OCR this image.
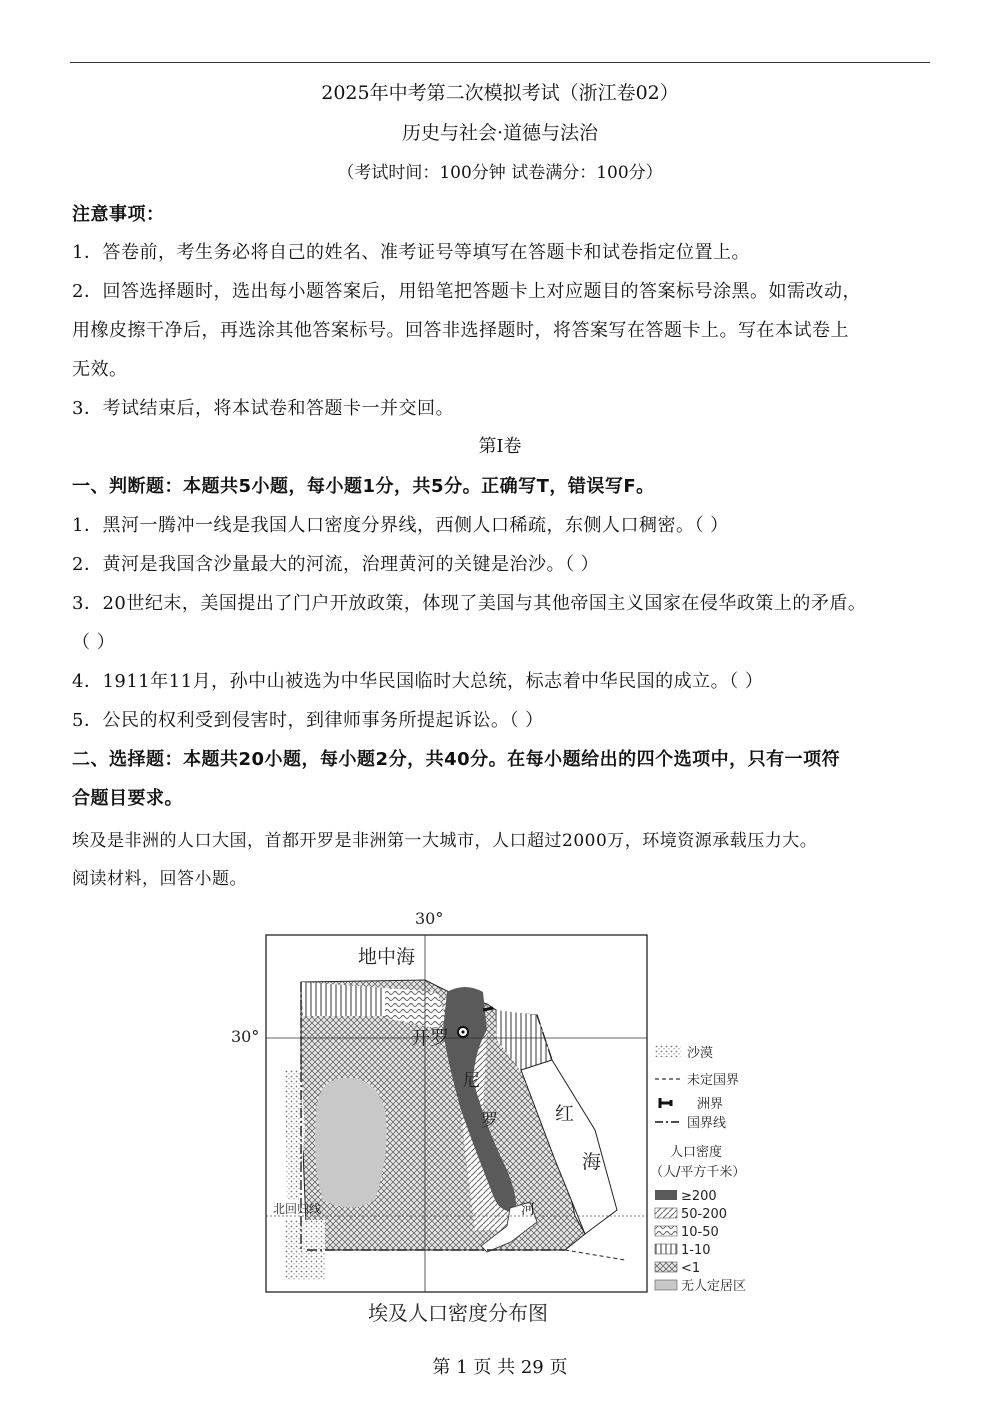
2025年中考第二次模拟考试（浙江卷02）
历史与社会·道德与法治
（考试时间：100分钟 试卷满分：100分）
注意事项：
1．答卷前，考生务必将自己的姓名、准考证号等填写在答题卡和试卷指定位置上。
2．回答选择题时，选出每小题答案后，用铅笔把答题卡上对应题目的答案标号涂黑。如需改动，
用橡皮擦干净后，再选涂其他答案标号。回答非选择题时，将答案写在答题卡上。写在本试卷上
无效。
3．考试结束后，将本试卷和答题卡一并交回。
第I卷
一、判断题：本题共5小题，每小题1分，共5分。正确写T，错误写F。
1．黑河一腾冲一线是我国人口密度分界线，西侧人口稀疏，东侧人口稠密。（ ）
2．黄河是我国含沙量最大的河流，治理黄河的关键是治沙。（ ）
3．20世纪末，美国提出了门户开放政策，体现了美国与其他帝国主义国家在侵华政策上的矛盾。
（ ）
4．1911年11月，孙中山被选为中华民国临时大总统，标志着中华民国的成立。（ ）
5．公民的权利受到侵害时，到律师事务所提起诉讼。（ ）
二、选择题：本题共20小题，每小题2分，共40分。在每小题给出的四个选项中，只有一项符
合题目要求。
埃及是非洲的人口大国，首都开罗是非洲第一大城市，人口超过2000万，环境资源承载压力大。
阅读材料，回答小题。
地中海
30°
30°
北回归线
开罗
尼
罗
河
红
海
沙漠
未定国界
洲界
国界线
人口密度
（人/平方千米）
≥200
50-200
10-50
1-10
<1
无人定居区
埃及人口密度分布图
第 1 页 共 29 页
